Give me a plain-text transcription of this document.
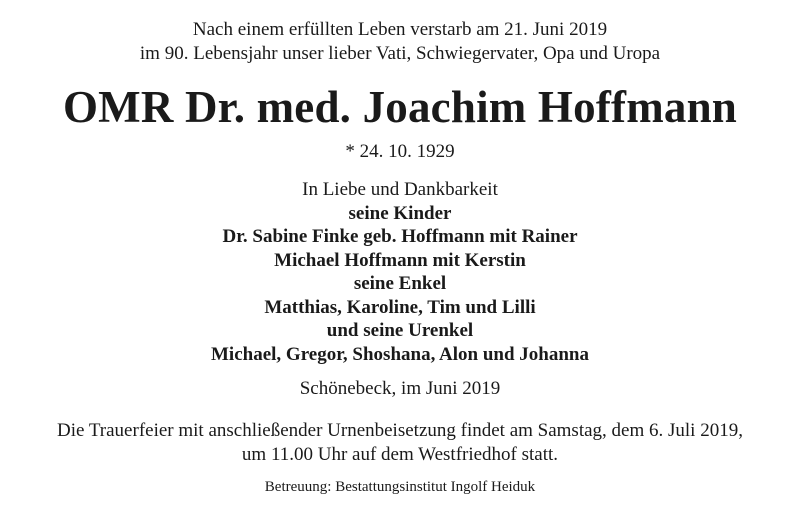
Nach einem erfüllten Leben verstarb am 21. Juni 2019
im 90. Lebensjahr unser lieber Vati, Schwiegervater, Opa und Uropa
OMR Dr. med. Joachim Hoffmann
* 24. 10. 1929
In Liebe und Dankbarkeit
seine Kinder
Dr. Sabine Finke geb. Hoffmann mit Rainer
Michael Hoffmann mit Kerstin
seine Enkel
Matthias, Karoline, Tim und Lilli
und seine Urenkel
Michael, Gregor, Shoshana, Alon und Johanna
Schönebeck, im Juni 2019
Die Trauerfeier mit anschließender Urnenbeisetzung findet am Samstag, dem 6. Juli 2019,
um 11.00 Uhr auf dem Westfriedhof statt.
Betreuung: Bestattungsinstitut Ingolf Heiduk
